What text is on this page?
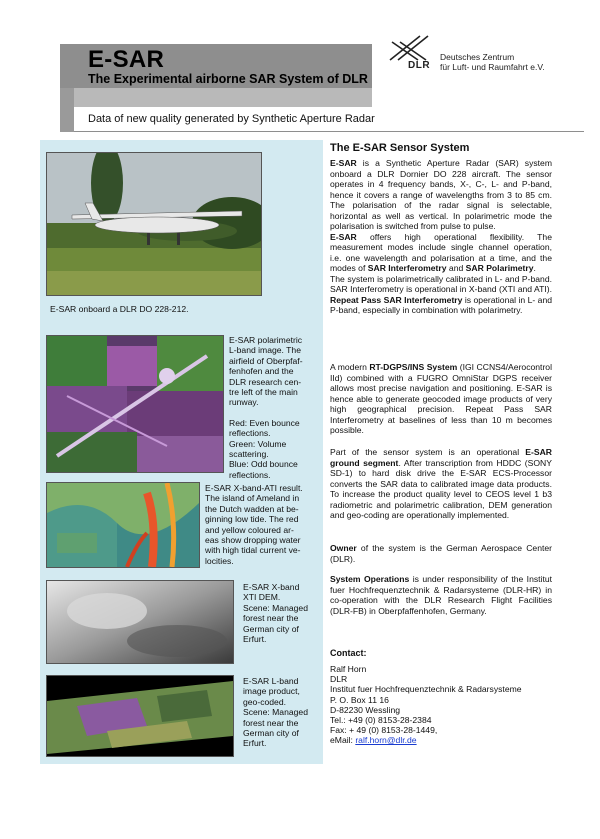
E-SAR
The Experimental airborne SAR System of DLR
Data of new quality generated by Synthetic Aperture Radar
DLR
Deutsches Zentrum
für Luft- und Raumfahrt e.V.
E-SAR onboard a DLR DO 228-212.
E-SAR polarimetric
L-band image. The
airfield of Oberpfaf-
fenhofen and the
DLR research cen-
tre left of the main
runway.
Red: Even bounce
reflections.
Green: Volume
scattering.
Blue: Odd bounce
reflections.
E-SAR X-band-ATI result.
The island of Ameland in
the Dutch wadden at be-
ginning low tide. The red
and yellow coloured ar-
eas show dropping water
with high tidal current ve-
locities.
E-SAR X-band
XTI DEM.
Scene: Managed
forest near the
German city of
Erfurt.
E-SAR L-band
image product,
geo-coded.
Scene: Managed
forest near the
German city of
Erfurt.
The E-SAR Sensor System

E-SAR is a Synthetic Aperture Radar (SAR) system onboard a DLR Dornier DO 228 aircraft. The sensor operates in 4 frequency bands, X-, C-, L- and P-band, hence it covers a range of wavelengths from 3 to 85 cm. The polarisation of the radar signal is selectable, horizontal as well as vertical. In polarimetric mode the polarisation is switched from pulse to pulse.

E-SAR offers high operational flexibility. The measurement modes include single channel operation, i.e. one wavelength and polarisation at a time, and the modes of SAR Interferometry and SAR Polarimetry.

The system is polarimetrically calibrated in L- and P-band. SAR Interferometry is operational in X-band (XTI and ATI). Repeat Pass SAR Interferometry is operational in L- and P-band, especially in combination with polarimetry.

A modern RT-DGPS/INS System (IGI CCNS4/Aerocontrol IId) combined with a FUGRO OmniStar DGPS receiver allows most precise navigation and positioning. E-SAR is hence able to generate geocoded image products of very high geographical precision. Repeat Pass SAR Interferometry at baselines of less than 10 m becomes possible.

Part of the sensor system is an operational E-SAR ground segment. After transcription from HDDC (SONY SD-1) to hard disk drive the E-SAR ECS-Processor converts the SAR data to calibrated image data products. To increase the product quality level to CEOS level 1 b3 radiometric and polarimetric calibration, DEM generation and geo-coding are operationally implemented.

Owner of the system is the German Aerospace Center (DLR).

System Operations is under responsibility of the Institut fuer Hochfrequenztechnik & Radarsysteme (DLR-HR) in co-operation with the DLR Research Flight Facilities (DLR-FB) in Oberpfaffenhofen, Germany.

Contact:
Ralf Horn
DLR
Institut fuer Hochfrequenztechnik & Radarsysteme
P. O. Box 11 16
D-82230 Wessling
Tel.: +49 (0) 8153-28-2384
Fax: + 49 (0) 8153-28-1449,
eMail: ralf.horn@dlr.de
